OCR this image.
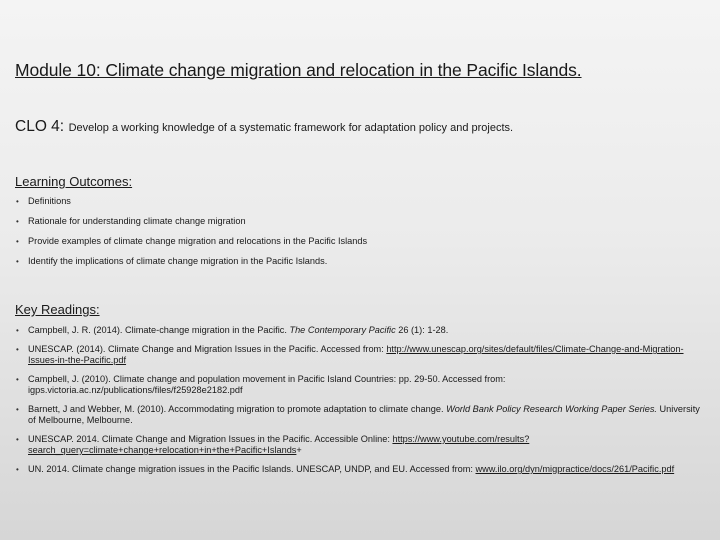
Module 10: Climate change migration and relocation in the Pacific Islands.
CLO 4: Develop a working knowledge of a systematic framework for adaptation policy and projects.
Learning Outcomes:
• Definitions
• Rationale for understanding climate change migration
• Provide examples of climate change migration and relocations in the Pacific Islands
• Identify the implications of climate change migration in the Pacific Islands.
Key Readings:
• Campbell, J. R. (2014). Climate-change migration in the Pacific. The Contemporary Pacific 26 (1): 1-28.
• UNESCAP. (2014). Climate Change and Migration Issues in the Pacific. Accessed from: http://www.unescap.org/sites/default/files/Climate-Change-and-Migration-Issues-in-the-Pacific.pdf
• Campbell, J. (2010). Climate change and population movement in Pacific Island Countries: pp. 29-50. Accessed from: igps.victoria.ac.nz/publications/files/f25928e2182.pdf
• Barnett, J and Webber, M. (2010). Accommodating migration to promote adaptation to climate change. World Bank Policy Research Working Paper Series. University of Melbourne, Melbourne.
• UNESCAP. 2014. Climate Change and Migration Issues in the Pacific. Accessible Online: https://www.youtube.com/results?search_query=climate+change+relocation+in+the+Pacific+Islands+
• UN. 2014. Climate change migration issues in the Pacific Islands. UNESCAP, UNDP, and EU. Accessed from: www.ilo.org/dyn/migpractice/docs/261/Pacific.pdf
